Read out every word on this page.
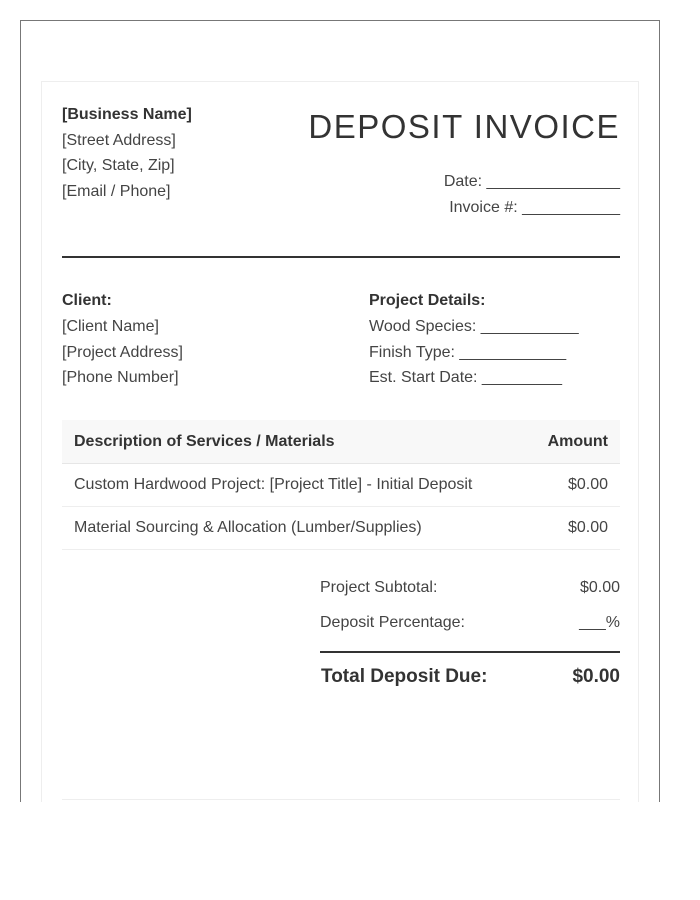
[Business Name]
[Street Address]
[City, State, Zip]
[Email / Phone]
DEPOSIT INVOICE
Date: _______________
Invoice #: ___________
Client:
[Client Name]
[Project Address]
[Phone Number]
Project Details:
Wood Species: ___________
Finish Type: ____________
Est. Start Date: _________
Description of Services / Materials	Amount
Custom Hardwood Project: [Project Title] - Initial Deposit	$0.00
Material Sourcing & Allocation (Lumber/Supplies)	$0.00
Project Subtotal:	$0.00
Deposit Percentage:	___%
Total Deposit Due:	$0.00
